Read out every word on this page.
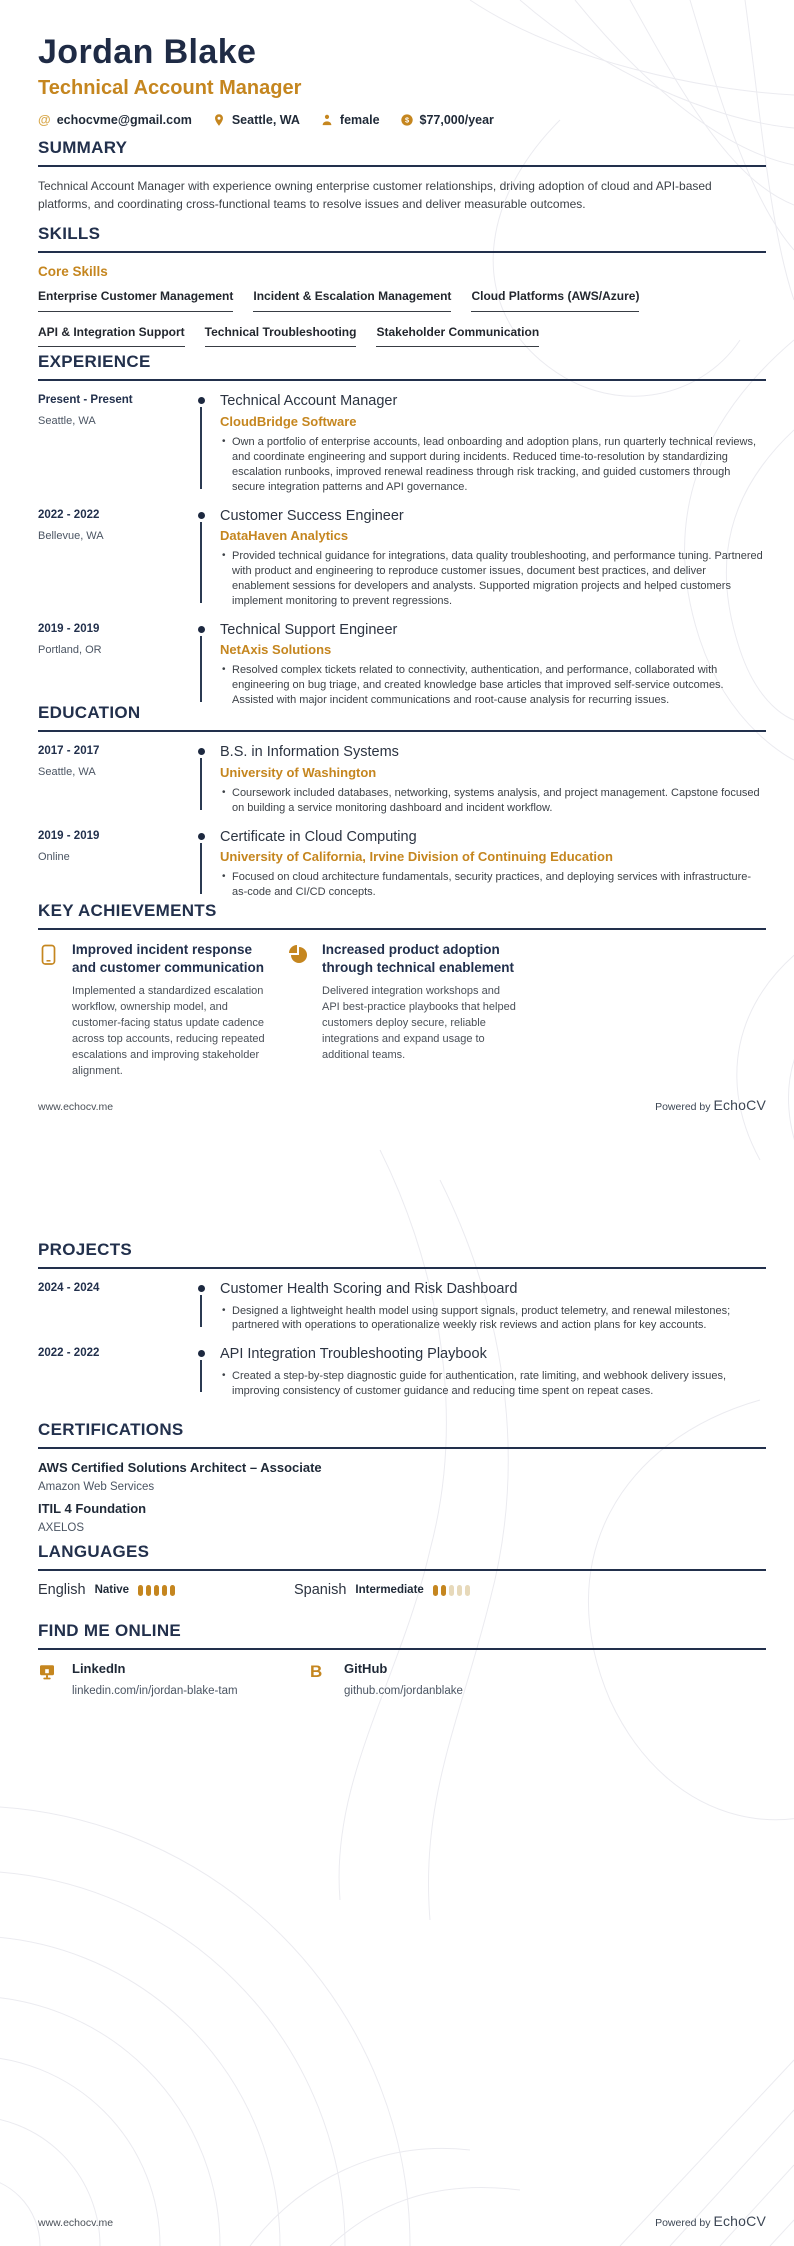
Jordan Blake
Technical Account Manager
@ echocvme@gmail.com	Seattle, WA	female	$ $77,000/year
SUMMARY

Technical Account Manager with experience owning enterprise customer relationships, driving adoption of cloud and API-based platforms, and coordinating cross-functional teams to resolve issues and deliver measurable outcomes.

SKILLS
Core Skills
Enterprise Customer Management Incident & Escalation Management Cloud Platforms (AWS/Azure)
API & Integration Support Technical Troubleshooting Stakeholder Communication
EXPERIENCE
Present - Present
Seattle, WA
Technical Account Manager
CloudBridge Software
• Own a portfolio of enterprise accounts, lead onboarding and adoption plans, run quarterly technical reviews, and coordinate engineering and support during incidents. Reduced time-to-resolution by standardizing escalation runbooks, improved renewal readiness through risk tracking, and guided customers through secure integration patterns and API governance.
2022 - 2022
Bellevue, WA
Customer Success Engineer
DataHaven Analytics
• Provided technical guidance for integrations, data quality troubleshooting, and performance tuning. Partnered with product and engineering to reproduce customer issues, document best practices, and deliver enablement sessions for developers and analysts. Supported migration projects and helped customers implement monitoring to prevent regressions.
2019 - 2019
Portland, OR
Technical Support Engineer
NetAxis Solutions
• Resolved complex tickets related to connectivity, authentication, and performance, collaborated with engineering on bug triage, and created knowledge base articles that improved self-service outcomes. Assisted with major incident communications and root-cause analysis for recurring issues.
EDUCATION
2017 - 2017
Seattle, WA
B.S. in Information Systems
University of Washington
• Coursework included databases, networking, systems analysis, and project management. Capstone focused on building a service monitoring dashboard and incident workflow.
2019 - 2019
Online
Certificate in Cloud Computing
University of California, Irvine Division of Continuing Education
• Focused on cloud architecture fundamentals, security practices, and deploying services with infrastructure-as-code and CI/CD concepts.
KEY ACHIEVEMENTS
Improved incident response and customer communication
Implemented a standardized escalation workflow, ownership model, and customer-facing status update cadence across top accounts, reducing repeated escalations and improving stakeholder alignment.
Increased product adoption through technical enablement
Delivered integration workshops and API best-practice playbooks that helped customers deploy secure, reliable integrations and expand usage to additional teams.
www.echocv.me	Powered by EchoCV
PROJECTS
2024 - 2024	Customer Health Scoring and Risk Dashboard
• Designed a lightweight health model using support signals, product telemetry, and renewal milestones; partnered with operations to operationalize weekly risk reviews and action plans for key accounts.
2022 - 2022	API Integration Troubleshooting Playbook
• Created a step-by-step diagnostic guide for authentication, rate limiting, and webhook delivery issues, improving consistency of customer guidance and reducing time spent on repeat cases.
CERTIFICATIONS
AWS Certified Solutions Architect – Associate
Amazon Web Services
ITIL 4 Foundation
AXELOS
LANGUAGES
English Native	Spanish Intermediate
FIND ME ONLINE
LinkedIn
linkedin.com/in/jordan-blake-tam
B	GitHub
github.com/jordanblake
www.echocv.me	Powered by EchoCV
